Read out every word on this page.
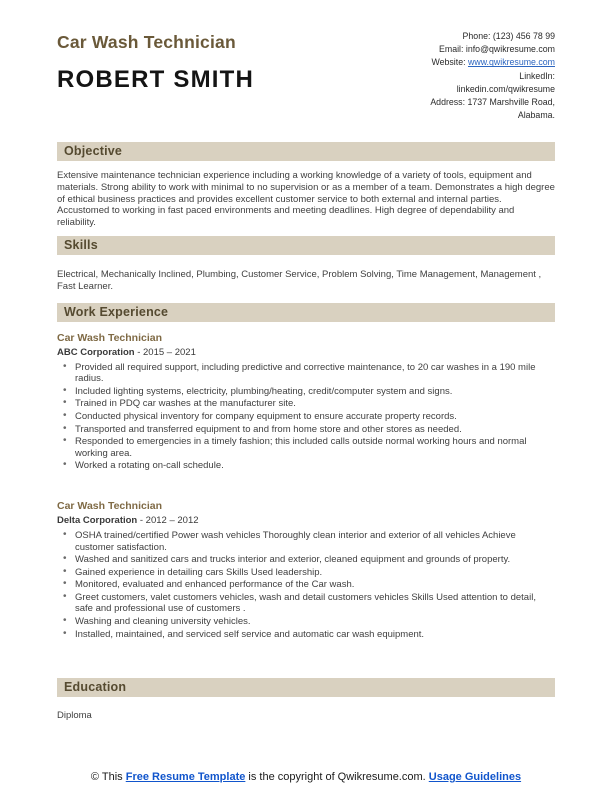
Car Wash Technician
ROBERT SMITH
Phone: (123) 456 78 99
Email: info@qwikresume.com
Website: www.qwikresume.com
LinkedIn:
linkedin.com/qwikresume
Address: 1737 Marshville Road,
Alabama.
Objective

Extensive maintenance technician experience including a working knowledge of a variety of tools, equipment and materials. Strong ability to work with minimal to no supervision or as a member of a team. Demonstrates a high degree of ethical business practices and provides excellent customer service to both external and internal parties. Accustomed to working in fast paced environments and meeting deadlines. High degree of dependability and reliability.

Skills

Electrical, Mechanically Inclined, Plumbing, Customer Service, Problem Solving, Time Management, Management , Fast Learner.

Work Experience
Car Wash Technician
ABC Corporation - 2015 – 2021
• Provided all required support, including predictive and corrective maintenance, to 20 car washes in a 190 mile radius.
• Included lighting systems, electricity, plumbing/heating, credit/computer system and signs.
• Trained in PDQ car washes at the manufacturer site.
• Conducted physical inventory for company equipment to ensure accurate property records.
• Transported and transferred equipment to and from home store and other stores as needed.
• Responded to emergencies in a timely fashion; this included calls outside normal working hours and normal working area.
• Worked a rotating on-call schedule.
Car Wash Technician
Delta Corporation - 2012 – 2012
• OSHA trained/certified Power wash vehicles Thoroughly clean interior and exterior of all vehicles Achieve customer satisfaction.
• Washed and sanitized cars and trucks interior and exterior, cleaned equipment and grounds of property.
• Gained experience in detailing cars Skills Used leadership.
• Monitored, evaluated and enhanced performance of the Car wash.
• Greet customers, valet customers vehicles, wash and detail customers vehicles Skills Used attention to detail, safe and professional use of customers .
• Washing and cleaning university vehicles.
• Installed, maintained, and serviced self service and automatic car wash equipment.
Education

Diploma

© This Free Resume Template is the copyright of Qwikresume.com. Usage Guidelines
